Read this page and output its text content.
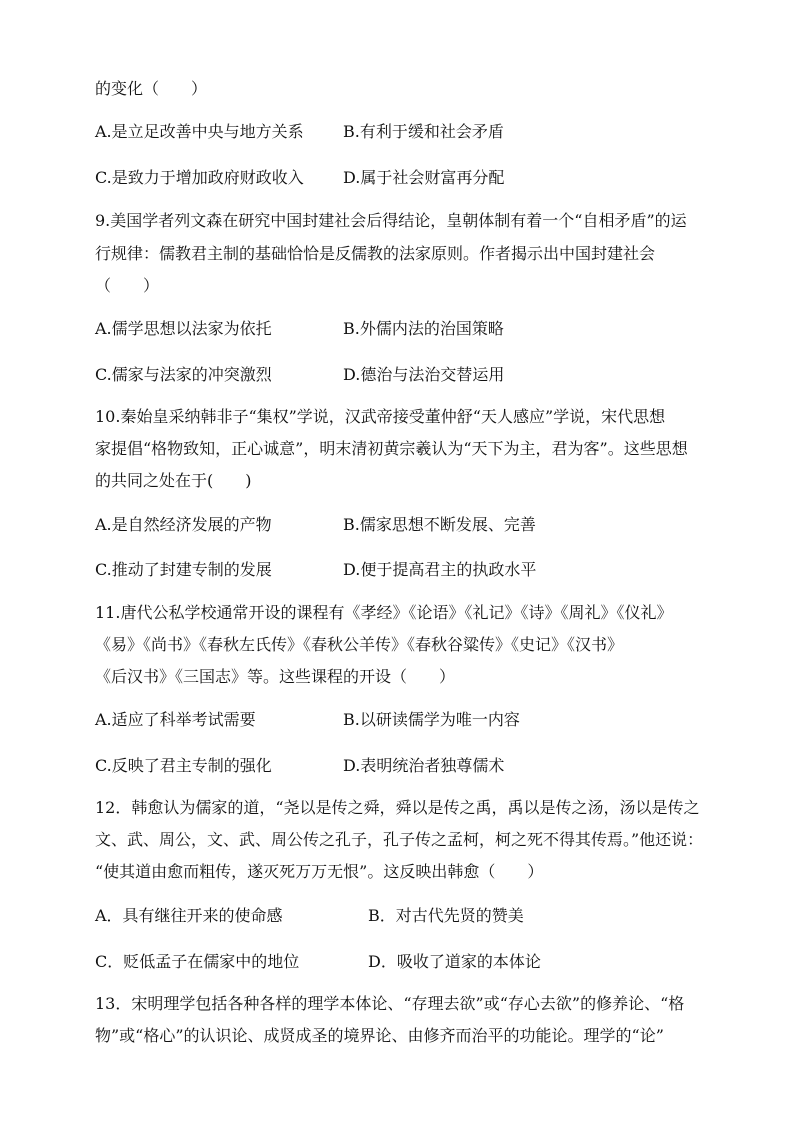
的变化（　　）
A.是立足改善中央与地方关系 B.有利于缓和社会矛盾
C.是致力于增加政府财政收入 D.属于社会财富再分配
9.美国学者列文森在研究中国封建社会后得结论，皇朝体制有着一个“自相矛盾”的运
行规律：儒教君主制的基础恰恰是反儒教的法家原则。作者揭示出中国封建社会
（　　）
A.儒学思想以法家为依托	B.外儒内法的治国策略
C.儒家与法家的冲突激烈	D.德治与法治交替运用
10.秦始皇采纳韩非子“集权”学说，汉武帝接受董仲舒“天人感应”学说，宋代思想
家提倡“格物致知，正心诚意”，明末清初黄宗羲认为“天下为主，君为客”。这些思想
的共同之处在于(　　)
A.是自然经济发展的产物	B.儒家思想不断发展、完善
C.推动了封建专制的发展	D.便于提高君主的执政水平
11.唐代公私学校通常开设的课程有《孝经》《论语》《礼记》《诗》《周礼》《仪礼》
《易》《尚书》《春秋左氏传》《春秋公羊传》《春秋谷粱传》《史记》《汉书》
《后汉书》《三国志》等。这些课程的开设（　　）
A.适应了科举考试需要	B.以研读儒学为唯一内容
C.反映了君主专制的强化	D.表明统治者独尊儒术
12．韩愈认为儒家的道，“尧以是传之舜，舜以是传之禹，禹以是传之汤，汤以是传之
文、武、周公，文、武、周公传之孔子，孔子传之孟柯，柯之死不得其传焉。”他还说：
“使其道由愈而粗传，遂灭死万万无恨”。这反映出韩愈（　　）
A．具有继往开来的使命感	B．对古代先贤的赞美
C．贬低孟子在儒家中的地位	D．吸收了道家的本体论
13．宋明理学包括各种各样的理学本体论、“存理去欲”或“存心去欲”的修养论、“格
物”或“格心”的认识论、成贤成圣的境界论、由修齐而治平的功能论。理学的“论”
